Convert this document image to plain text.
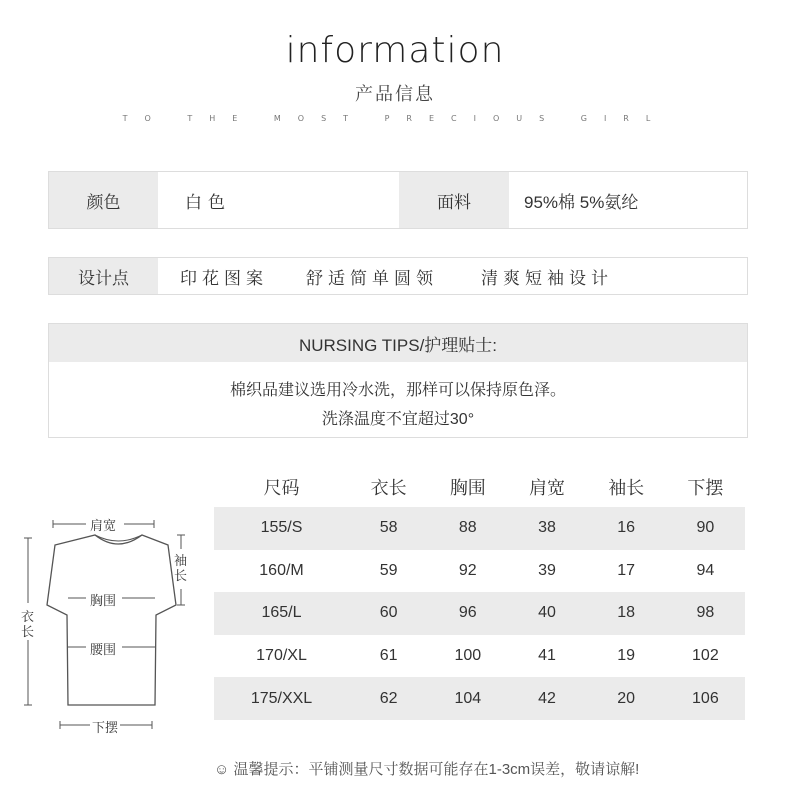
information
产品信息
TO THE MOST PRECIOUS GIRL
颜色	白色	面料	95%棉 5%氨纶
设计点	印花图案	舒适简单圆领	清爽短袖设计
NURSING TIPS/护理贴士:
棉织品建议选用冷水洗，那样可以保持原色泽。
洗涤温度不宜超过30°
肩宽
袖长
衣长
胸围
腰围
下摆
尺码	衣长	胸围	肩宽	袖长	下摆
155/S	58	88	38	16	90
160/M	59	92	39	17	94
165/L	60	96	40	18	98
170/XL	61	100	41	19	102
175/XXL	62	104	42	20	106
☺ 温馨提示：平铺测量尺寸数据可能存在1-3cm误差，敬请谅解!
